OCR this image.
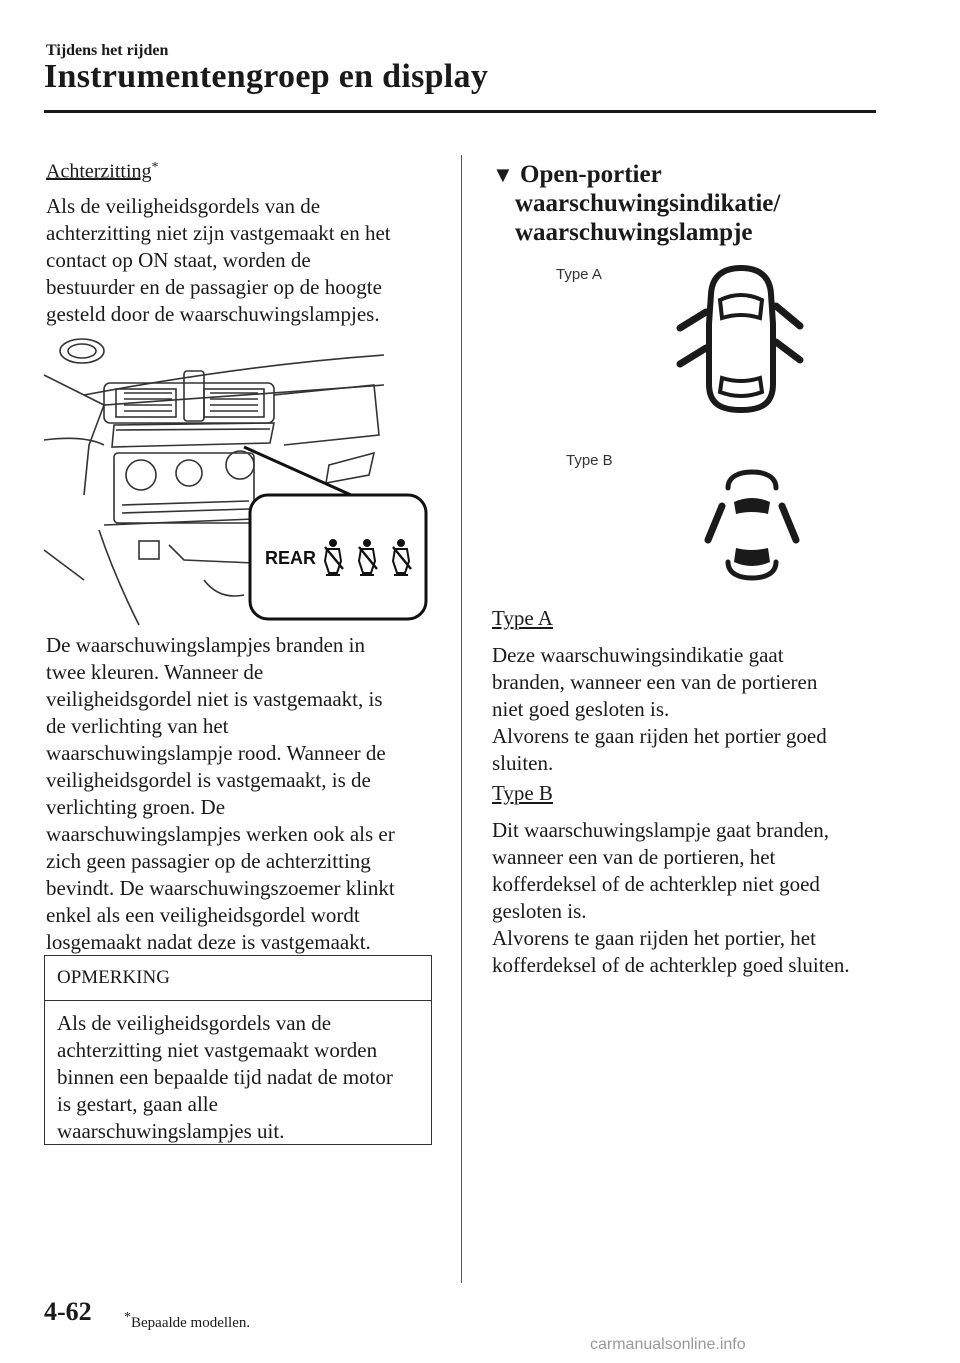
Tijdens het rijden
Instrumentengroep en display
Achterzitting*
Als de veiligheidsgordels van de
achterzitting niet zijn vastgemaakt en het
contact op ON staat, worden de
bestuurder en de passagier op de hoogte
gesteld door de waarschuwingslampjes.
REAR
De waarschuwingslampjes branden in
twee kleuren. Wanneer de
veiligheidsgordel niet is vastgemaakt, is
de verlichting van het
waarschuwingslampje rood. Wanneer de
veiligheidsgordel is vastgemaakt, is de
verlichting groen. De
waarschuwingslampjes werken ook als er
zich geen passagier op de achterzitting
bevindt. De waarschuwingszoemer klinkt
enkel als een veiligheidsgordel wordt
losgemaakt nadat deze is vastgemaakt.
OPMERKING
Als de veiligheidsgordels van de
achterzitting niet vastgemaakt worden
binnen een bepaalde tijd nadat de motor
is gestart, gaan alle
waarschuwingslampjes uit.
▼ Open-portier
waarschuwingsindikatie/
waarschuwingslampje
Type A
Type B
Type A
Deze waarschuwingsindikatie gaat
branden, wanneer een van de portieren
niet goed gesloten is.
Alvorens te gaan rijden het portier goed
sluiten.
Type B
Dit waarschuwingslampje gaat branden,
wanneer een van de portieren, het
kofferdeksel of de achterklep niet goed
gesloten is.
Alvorens te gaan rijden het portier, het
kofferdeksel of de achterklep goed sluiten.
4-62 *Bepaalde modellen.
carmanualsonline.info
